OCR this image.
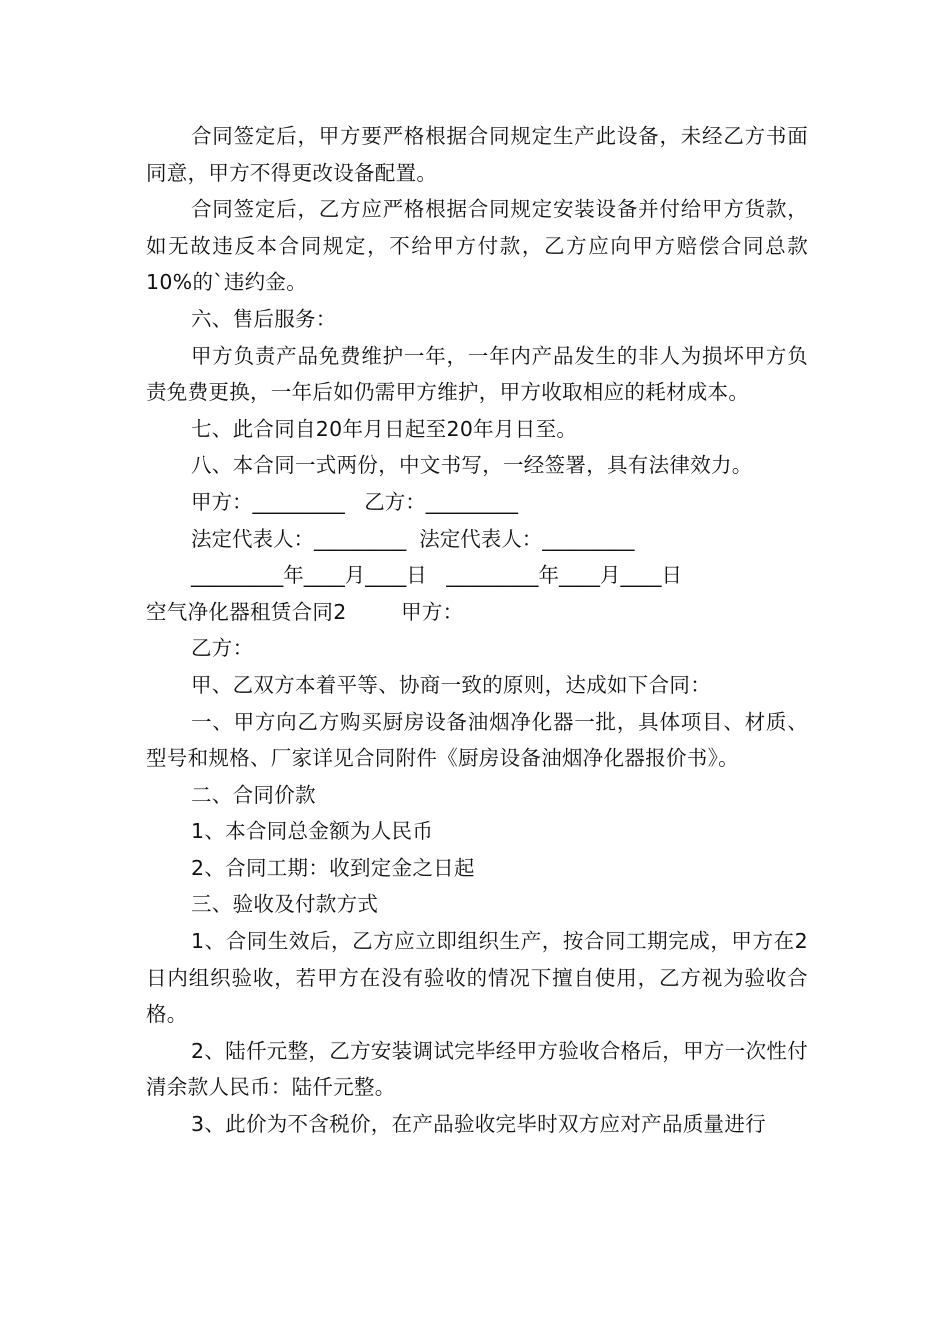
合同签定后，甲方要严格根据合同规定生产此设备，未经乙方书面同意，甲方不得更改设备配置。

合同签定后，乙方应严格根据合同规定安装设备并付给甲方货款，如无故违反本合同规定，不给甲方付款，乙方应向甲方赔偿合同总款10%的`违约金。

六、售后服务：

甲方负责产品免费维护一年，一年内产品发生的非人为损坏甲方负责免费更换，一年后如仍需甲方维护，甲方收取相应的耗材成本。

七、此合同自20年月日起至20年月日至。

八、本合同一式两份，中文书写，一经签署，具有法律效力。

甲方：_________   乙方：_________

法定代表人：_________  法定代表人：_________

_________年____月____日   _________年____月____日

空气净化器租赁合同2        甲方：

乙方：

甲、乙双方本着平等、协商一致的原则，达成如下合同：

一、甲方向乙方购买厨房设备油烟净化器一批，具体项目、材质、型号和规格、厂家详见合同附件《厨房设备油烟净化器报价书》。

二、合同价款

1、本合同总金额为人民币

2、合同工期：收到定金之日起

三、验收及付款方式

1、合同生效后，乙方应立即组织生产，按合同工期完成，甲方在2日内组织验收，若甲方在没有验收的情况下擅自使用，乙方视为验收合格。

2、陆仟元整，乙方安装调试完毕经甲方验收合格后，甲方一次性付清余款人民币：陆仟元整。

3、此价为不含税价，在产品验收完毕时双方应对产品质量进行
